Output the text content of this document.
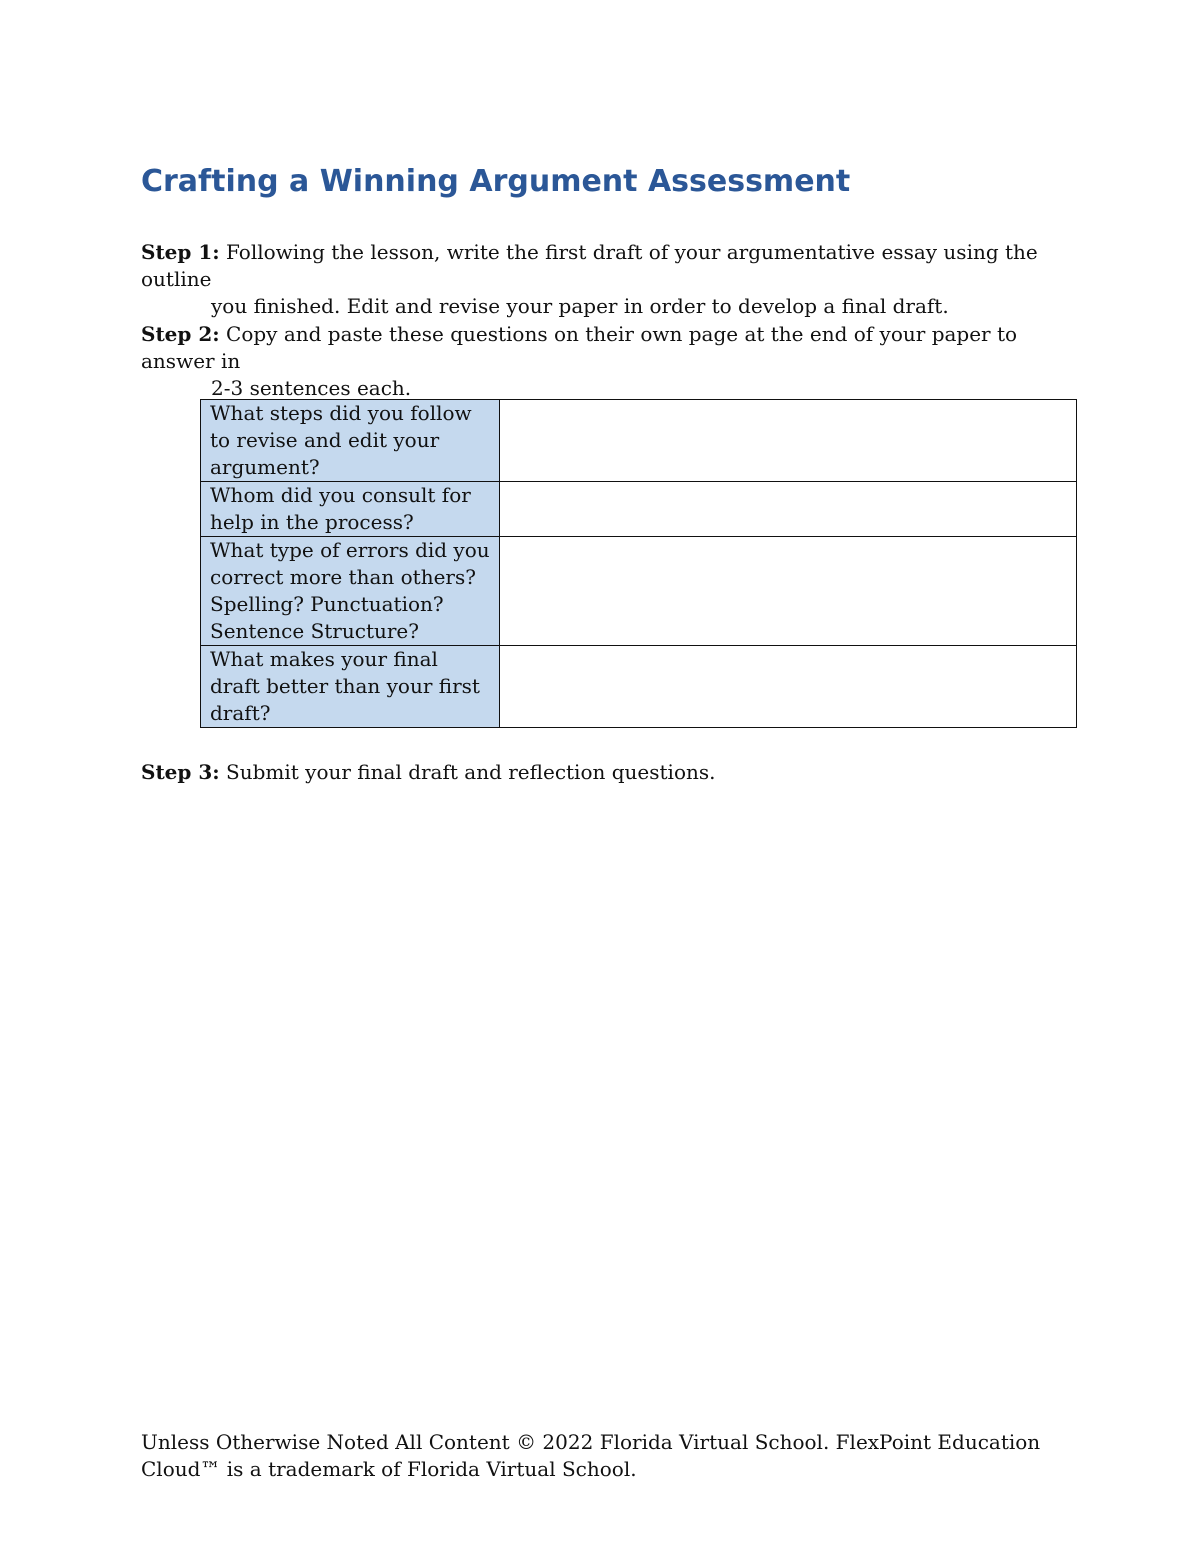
Crafting a Winning Argument Assessment

Step 1: Following the lesson, write the first draft of your argumentative essay using the outline
you finished. Edit and revise your paper in order to develop a final draft.

Step 2: Copy and paste these questions on their own page at the end of your paper to answer in
2-3 sentences each.

What steps did you follow to revise and edit your argument?	
Whom did you consult for help in the process?	
What type of errors did you correct more than others? Spelling? Punctuation? Sentence Structure?	
What makes your final draft better than your first draft?	

Step 3: Submit your final draft and reflection questions.

Unless Otherwise Noted All Content © 2022 Florida Virtual School. FlexPoint Education
Cloud™ is a trademark of Florida Virtual School.
